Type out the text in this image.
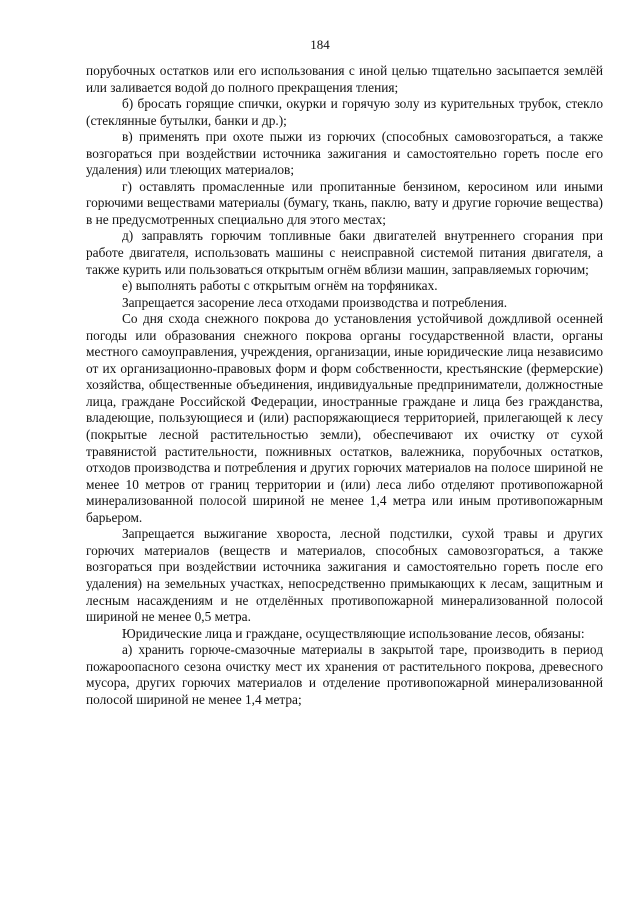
184

порубочных остатков или его использования с иной целью тщательно засыпается землёй или заливается водой до полного прекращения тления;

б) бросать горящие спички, окурки и горячую золу из курительных трубок, стекло (стеклянные бутылки, банки и др.);

в) применять при охоте пыжи из горючих (способных самовозгораться, а также возгораться при воздействии источника зажигания и самостоятельно гореть после его удаления) или тлеющих материалов;

г) оставлять промасленные или пропитанные бензином, керосином или иными горючими веществами материалы (бумагу, ткань, паклю, вату и другие горючие вещества) в не предусмотренных специально для этого местах;

д) заправлять горючим топливные баки двигателей внутреннего сгорания при работе двигателя, использовать машины с неисправной системой питания двигателя, а также курить или пользоваться открытым огнём вблизи машин, заправляемых горючим;

е) выполнять работы с открытым огнём на торфяниках.

Запрещается засорение леса отходами производства и потребления.

Со дня схода снежного покрова до установления устойчивой дождливой осенней погоды или образования снежного покрова органы государственной власти, органы местного самоуправления, учреждения, организации, иные юридические лица независимо от их организационно-правовых форм и форм собственности, крестьянские (фермерские) хозяйства, общественные объединения, индивидуальные предприниматели, должностные лица, граждане Российской Федерации, иностранные граждане и лица без гражданства, владеющие, пользующиеся и (или) распоряжающиеся территорией, прилегающей к лесу (покрытые лесной растительностью земли), обеспечивают их очистку от сухой травянистой растительности, пожнивных остатков, валежника, порубочных остатков, отходов производства и потребления и других горючих материалов на полосе шириной не менее 10 метров от границ территории и (или) леса либо отделяют противопожарной минерализованной полосой шириной не менее 1,4 метра или иным противопожарным барьером.

Запрещается выжигание хвороста, лесной подстилки, сухой травы и других горючих материалов (веществ и материалов, способных самовозгораться, а также возгораться при воздействии источника зажигания и самостоятельно гореть после его удаления) на земельных участках, непосредственно примыкающих к лесам, защитным и лесным насаждениям и не отделённых противопожарной минерализованной полосой шириной не менее 0,5 метра.

Юридические лица и граждане, осуществляющие использование лесов, обязаны:

а) хранить горюче-смазочные материалы в закрытой таре, производить в период пожароопасного сезона очистку мест их хранения от растительного покрова, древесного мусора, других горючих материалов и отделение противопожарной минерализованной полосой шириной не менее 1,4 метра;
